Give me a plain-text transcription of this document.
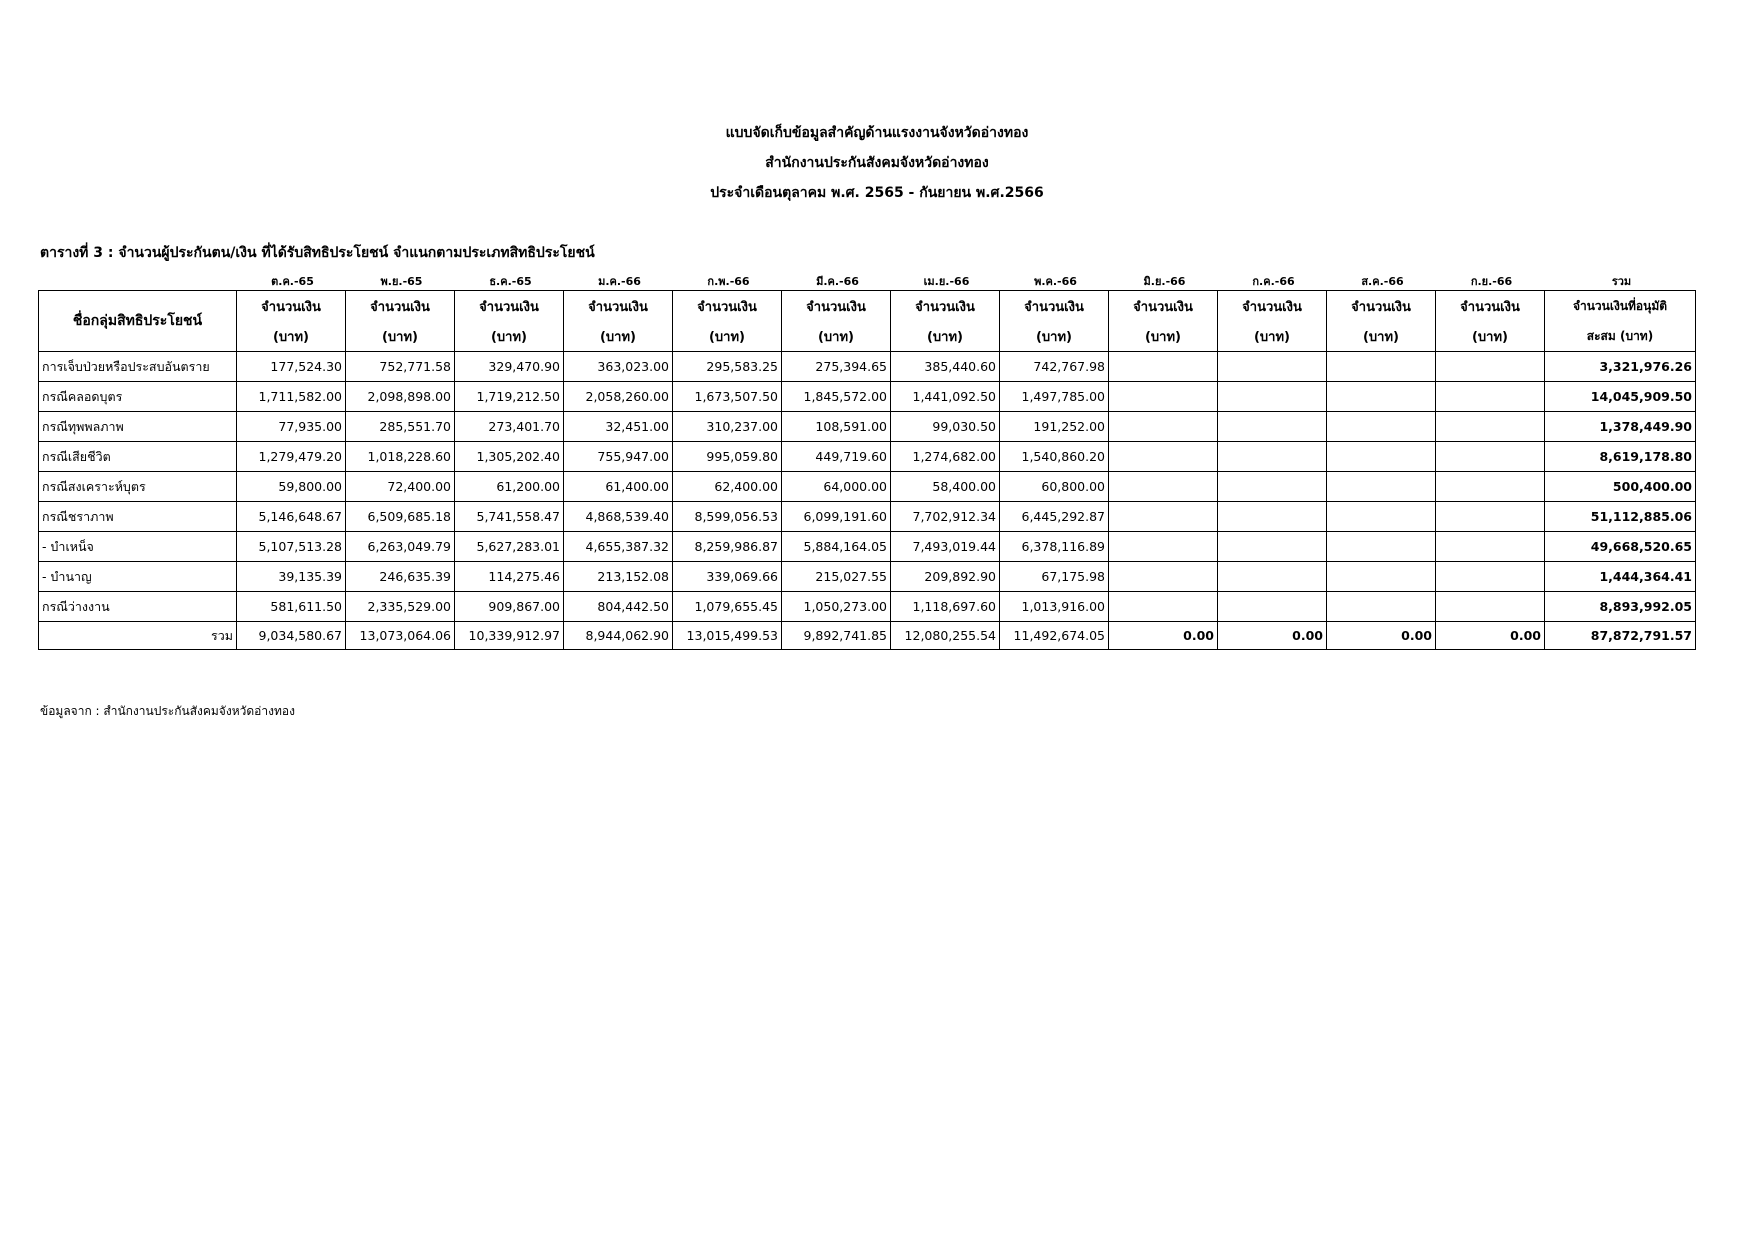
แบบจัดเก็บข้อมูลสำคัญด้านแรงงานจังหวัดอ่างทอง
สำนักงานประกันสังคมจังหวัดอ่างทอง
ประจำเดือนตุลาคม พ.ศ. 2565 - กันยายน พ.ศ.2566
ตารางที่ 3 : จำนวนผู้ประกันตน/เงิน ที่ได้รับสิทธิประโยชน์ จำแนกตามประเภทสิทธิประโยชน์
ต.ค.-65	พ.ย.-65	ธ.ค.-65	ม.ค.-66	ก.พ.-66	มี.ค.-66	เม.ย.-66	พ.ค.-66	มิ.ย.-66	ก.ค.-66	ส.ค.-66	ก.ย.-66	รวม
ชื่อกลุ่มสิทธิประโยชน์	จำนวนเงิน	จำนวนเงิน	จำนวนเงิน	จำนวนเงิน	จำนวนเงิน	จำนวนเงิน	จำนวนเงิน	จำนวนเงิน	จำนวนเงิน	จำนวนเงิน	จำนวนเงิน	จำนวนเงิน	จำนวนเงินที่อนุมัติ
	(บาท)	(บาท)	(บาท)	(บาท)	(บาท)	(บาท)	(บาท)	(บาท)	(บาท)	(บาท)	(บาท)	(บาท)	สะสม (บาท)
การเจ็บป่วยหรือประสบอันตราย	177,524.30	752,771.58	329,470.90	363,023.00	295,583.25	275,394.65	385,440.60	742,767.98					3,321,976.26
กรณีคลอดบุตร	1,711,582.00	2,098,898.00	1,719,212.50	2,058,260.00	1,673,507.50	1,845,572.00	1,441,092.50	1,497,785.00					14,045,909.50
กรณีทุพพลภาพ	77,935.00	285,551.70	273,401.70	32,451.00	310,237.00	108,591.00	99,030.50	191,252.00					1,378,449.90
กรณีเสียชีวิต	1,279,479.20	1,018,228.60	1,305,202.40	755,947.00	995,059.80	449,719.60	1,274,682.00	1,540,860.20					8,619,178.80
กรณีสงเคราะห์บุตร	59,800.00	72,400.00	61,200.00	61,400.00	62,400.00	64,000.00	58,400.00	60,800.00					500,400.00
กรณีชราภาพ	5,146,648.67	6,509,685.18	5,741,558.47	4,868,539.40	8,599,056.53	6,099,191.60	7,702,912.34	6,445,292.87					51,112,885.06
- บำเหน็จ	5,107,513.28	6,263,049.79	5,627,283.01	4,655,387.32	8,259,986.87	5,884,164.05	7,493,019.44	6,378,116.89					49,668,520.65
- บำนาญ	39,135.39	246,635.39	114,275.46	213,152.08	339,069.66	215,027.55	209,892.90	67,175.98					1,444,364.41
กรณีว่างงาน	581,611.50	2,335,529.00	909,867.00	804,442.50	1,079,655.45	1,050,273.00	1,118,697.60	1,013,916.00					8,893,992.05
รวม	9,034,580.67	13,073,064.06	10,339,912.97	8,944,062.90	13,015,499.53	9,892,741.85	12,080,255.54	11,492,674.05	0.00	0.00	0.00	0.00	87,872,791.57
ข้อมูลจาก : สำนักงานประกันสังคมจังหวัดอ่างทอง
